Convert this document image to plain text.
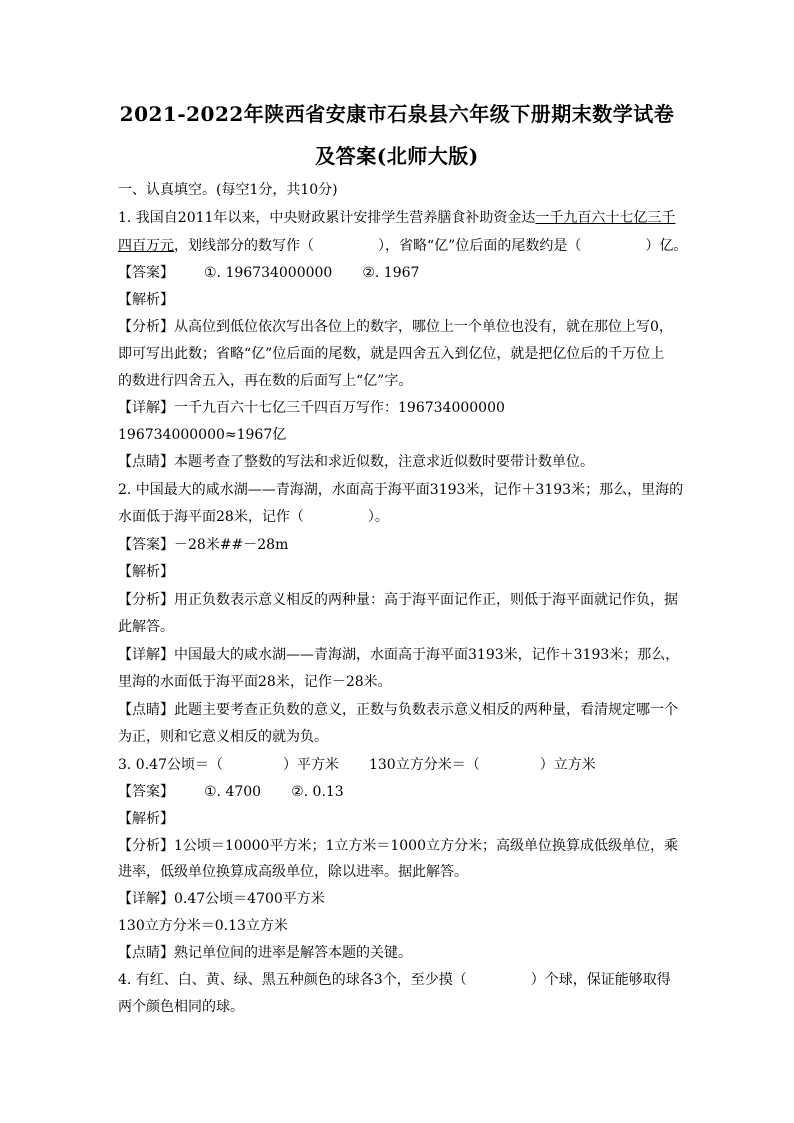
2021-2022年陕西省安康市石泉县六年级下册期末数学试卷
及答案(北师大版)
一、认真填空。(每空1分，共10分)
1. 我国自2011年以来，中央财政累计安排学生营养膳食补助资金达一千九百六十七亿三千
四百万元，划线部分的数写作（	），省略“亿”位后面的尾数约是（	）亿。
【答案】 ①. 196734000000 ②. 1967
【解析】
【分析】从高位到低位依次写出各位上的数字，哪位上一个单位也没有，就在那位上写0，
即可写出此数；省略“亿”位后面的尾数，就是四舍五入到亿位，就是把亿位后的千万位上
的数进行四舍五入，再在数的后面写上“亿”字。
【详解】一千九百六十七亿三千四百万写作：196734000000
196734000000≈1967亿
【点睛】本题考查了整数的写法和求近似数，注意求近似数时要带计数单位。
2. 中国最大的咸水湖——青海湖，水面高于海平面3193米，记作＋3193米；那么，里海的
水面低于海平面28米，记作（	）。
【答案】－28米##－28m
【解析】
【分析】用正负数表示意义相反的两种量：高于海平面记作正，则低于海平面就记作负，据
此解答。
【详解】中国最大的咸水湖——青海湖，水面高于海平面3193米，记作＋3193米；那么，
里海的水面低于海平面28米，记作－28米。
【点睛】此题主要考查正负数的意义，正数与负数表示意义相反的两种量，看清规定哪一个
为正，则和它意义相反的就为负。
3. 0.47公顷＝（	）平方米 130立方分米＝（	）立方米
【答案】 ①. 4700 ②. 0.13
【解析】
【分析】1公顷＝10000平方米；1立方米＝1000立方分米；高级单位换算成低级单位，乘
进率，低级单位换算成高级单位，除以进率。据此解答。
【详解】0.47公顷＝4700平方米
130立方分米＝0.13立方米
【点睛】熟记单位间的进率是解答本题的关键。
4. 有红、白、黄、绿、黑五种颜色的球各3个，至少摸（	）个球，保证能够取得
两个颜色相同的球。
